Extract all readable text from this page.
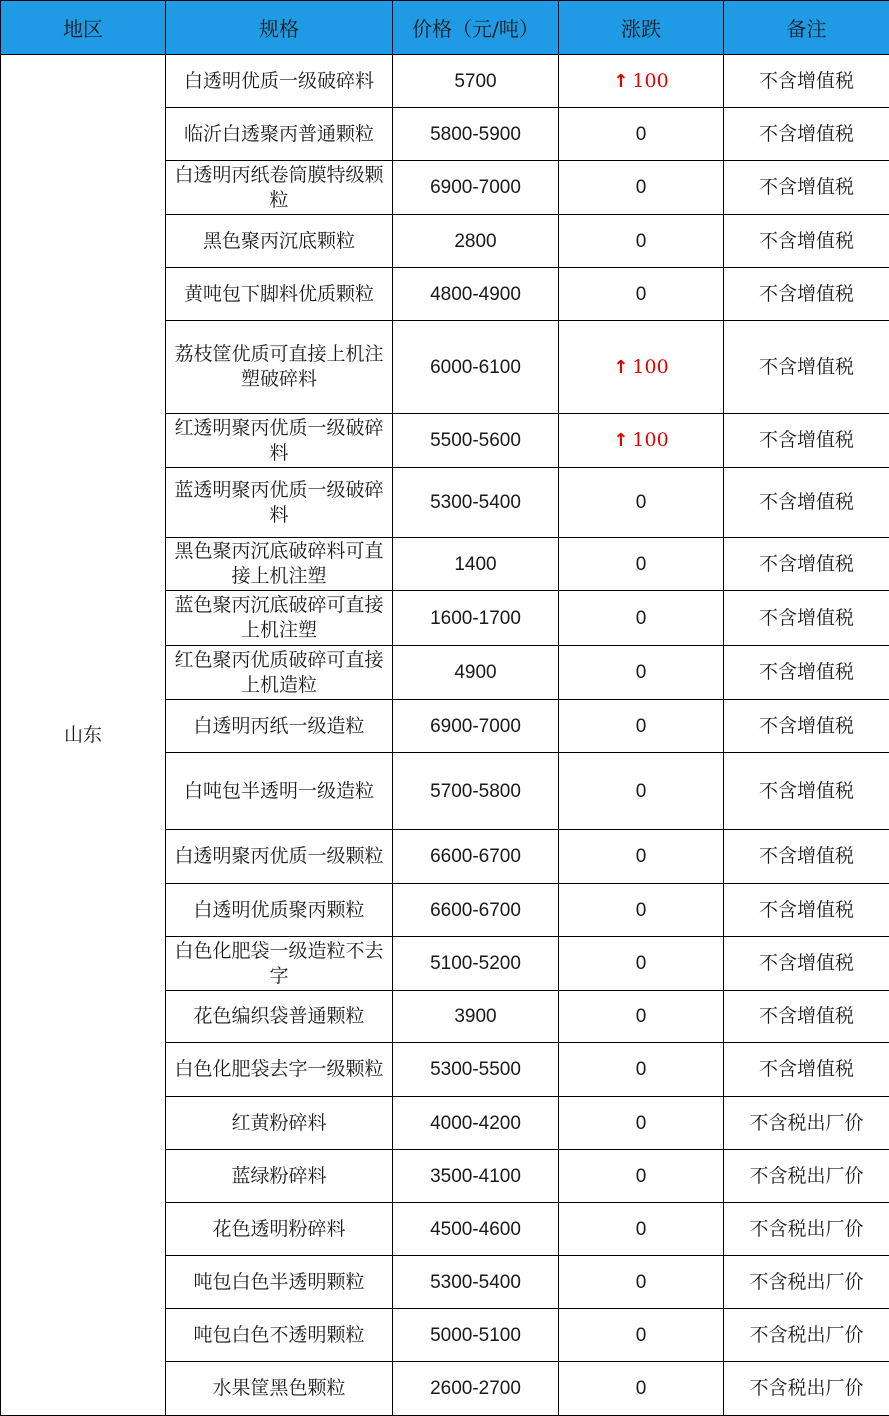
地区	规格	价格（元/吨）	涨跌	备注
山东	白透明优质一级破碎料	5700	↑ 100	不含增值税
	临沂白透聚丙普通颗粒	5800-5900	0	不含增值税
	白透明丙纸卷筒膜特级颗粒	6900-7000	0	不含增值税
	黑色聚丙沉底颗粒	2800	0	不含增值税
	黄吨包下脚料优质颗粒	4800-4900	0	不含增值税
	荔枝筐优质可直接上机注塑破碎料	6000-6100	↑ 100	不含增值税
	红透明聚丙优质一级破碎料	5500-5600	↑ 100	不含增值税
	蓝透明聚丙优质一级破碎料	5300-5400	0	不含增值税
	黑色聚丙沉底破碎料可直接上机注塑	1400	0	不含增值税
	蓝色聚丙沉底破碎可直接上机注塑	1600-1700	0	不含增值税
	红色聚丙优质破碎可直接上机造粒	4900	0	不含增值税
	白透明丙纸一级造粒	6900-7000	0	不含增值税
	白吨包半透明一级造粒	5700-5800	0	不含增值税
	白透明聚丙优质一级颗粒	6600-6700	0	不含增值税
	白透明优质聚丙颗粒	6600-6700	0	不含增值税
	白色化肥袋一级造粒不去字	5100-5200	0	不含增值税
	花色编织袋普通颗粒	3900	0	不含增值税
	白色化肥袋去字一级颗粒	5300-5500	0	不含增值税
	红黄粉碎料	4000-4200	0	不含税出厂价
	蓝绿粉碎料	3500-4100	0	不含税出厂价
	花色透明粉碎料	4500-4600	0	不含税出厂价
	吨包白色半透明颗粒	5300-5400	0	不含税出厂价
	吨包白色不透明颗粒	5000-5100	0	不含税出厂价
	水果筐黑色颗粒	2600-2700	0	不含税出厂价
